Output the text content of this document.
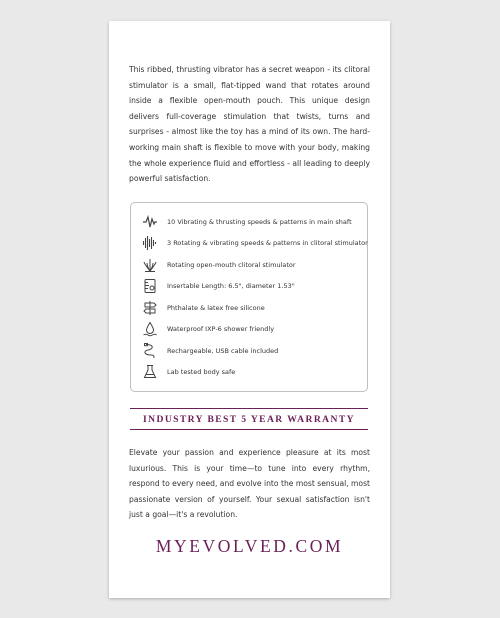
This ribbed, thrusting vibrator has a secret weapon - its clitoral stimulator is a small, flat-tipped wand that rotates around inside a flexible open-mouth pouch. This unique design delivers full-coverage stimulation that twists, turns and surprises - almost like the toy has a mind of its own. The hard-working main shaft is flexible to move with your body, making the whole experience fluid and effortless - all leading to deeply powerful satisfaction.
10 Vibrating & thrusting speeds & patterns in main shaft
3 Rotating & vibrating speeds & patterns in clitoral stimulator
Rotating open-mouth clitoral stimulator
Insertable Length: 6.5", diameter 1.53"
Phthalate & latex free silicone
Waterproof IXP-6 shower friendly
Rechargeable, USB cable included
Lab tested body safe
INDUSTRY BEST 5 YEAR WARRANTY
Elevate your passion and experience pleasure at its most luxurious. This is your time—to tune into every rhythm, respond to every need, and evolve into the most sensual, most passionate version of yourself. Your sexual satisfaction isn't just a goal—it's a revolution.
MYEVOLVED.COM
